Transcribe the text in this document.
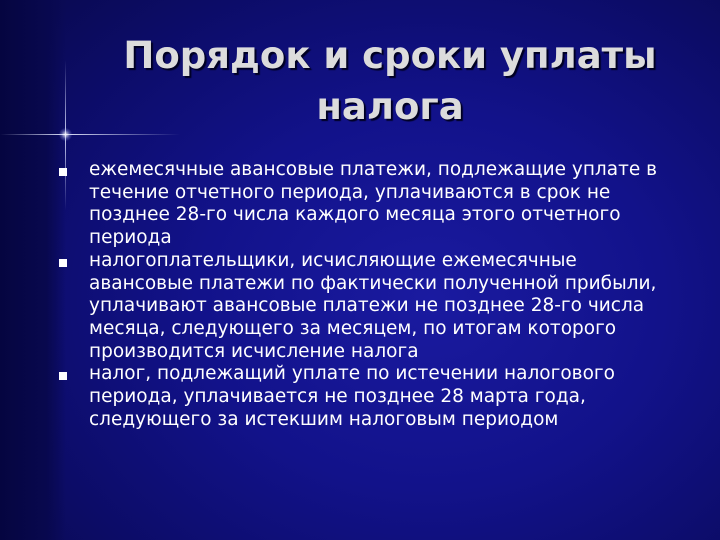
Порядок и сроки уплаты налога
ежемесячные авансовые платежи, подлежащие уплате в течение отчетного периода, уплачиваются в срок не позднее 28-го числа каждого месяца этого отчетного периода
налогоплательщики, исчисляющие ежемесячные авансовые платежи по фактически полученной прибыли, уплачивают авансовые платежи не позднее 28-го числа месяца, следующего за месяцем, по итогам которого производится исчисление налога
налог, подлежащий уплате по истечении налогового периода, уплачивается не позднее 28 марта года, следующего за истекшим налоговым периодом
